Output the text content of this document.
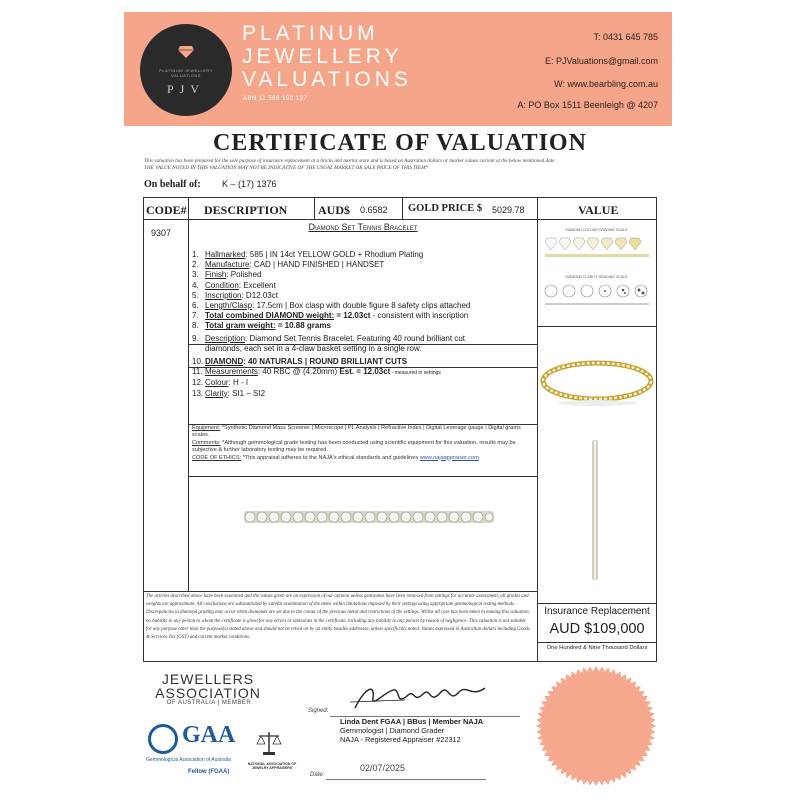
PLATINUM JEWELLERY VALUATIONS
PJV
PLATINUM
JEWELLERY
VALUATIONS
ABN 11 569 192 137
T: 0431 645 785
E: PJValuations@gmail.com
W: www.bearbling.com.au
A: PO Box 1511 Beenleigh @ 4207
CERTIFICATE OF VALUATION
This valuation has been prepared for the sole purpose of insurance replacement at a bricks and mortar store and is based on Australian dollars or market values current at the below mentioned date.
THE VALUE NOTED IN THIS VALUATION MAY NOT BE INDICATIVE OF THE USUAL MARKET OR SALE PRICE OF THIS ITEM*
On behalf of: K – (17) 1376
CODE# DESCRIPTION	AUD$ 0.6582 GOLD PRICE $ 5029.78	VALUE
9307
Diamond Set Tennis Bracelet
1. Hallmarked: 585 | IN 14ct YELLOW GOLD + Rhodium Plating
2. Manufacture: CAD | HAND FINISHED | HANDSET
3. Finish: Polished
4. Condition: Excellent
5. Inscription: D12.03ct
6. Length/Clasp: 17.5cm | Box clasp with double figure 8 safety clips attached
7. Total combined DIAMOND weight: = 12.03ct - consistent with inscription
8. Total gram weight: = 10.88 grams
9. Description: Diamond Set Tennis Bracelet. Featuring 40 round brilliant cut
diamonds, each set in a 4-claw basket setting in a single row.
10. DIAMOND: 40 NATURALS | ROUND BRILLIANT CUTS
11. Measurements: 40 RBC @ (4.20mm) Est. = 12.03ct - measured in settings
12. Colour: H - I
13. Clarity: SI1 – SI2
Equipment: *Synthetic Diamond Mass Screener | Microscope | PL Analysis | Refractive Index | Digital Leverage gauge | Digital grams scales.
Comments: *Although gemmological grade testing has been conducted using scientific equipment for this valuation, results may be subjective & further laboratory testing may be required.
CODE OF ETHICS: *This appraisal adheres to the NAJA's ethical standards and guidelines www.najaappraiser.com
DIAMOND COLOUR GRADING SCALE
DIAMOND CLARITY GRADING SCALE
The articles described above have been examined and the values given are an expression of our opinion unless gemstones have been removed from settings for accurate assessment, all grades and weights are approximate. All conclusions are substantiated by careful examination of the items within limitations imposed by their settings using appropriate gemmological testing methods. Discrepancies in diamond grading may occur when diamonds are set due to the colour of the precious metal and restrictions of the settings. Whilst all care has been taken in making this valuation, no liability to any person to whom the certificate is given for any errors or omissions in the certificate, including any liability to any person by reason of negligence. This valuation is not suitable for any purpose other than the purpose(s) stated above and should not be relied on by an entity besides addressee, unless specifically noted. Values expressed in Australian dollars including Goods & Services Tax (GST) and current market conditions.
Insurance Replacement
AUD $109,000
One Hundred & Nine Thousand Dollars
JEWELLERS
ASSOCIATION
OF AUSTRALIA | MEMBER
GAA
Gemmological Association of Australia
Fellow (FGAA)
NATIONAL ASSOCIATION OF JEWELRY APPRAISERS
Signed:
Linda Dent FGAA | BBus | Member NAJA
Gemmologist | Diamond Grader
NAJA - Registered Appraiser #22312
Date:
02/07/2025
